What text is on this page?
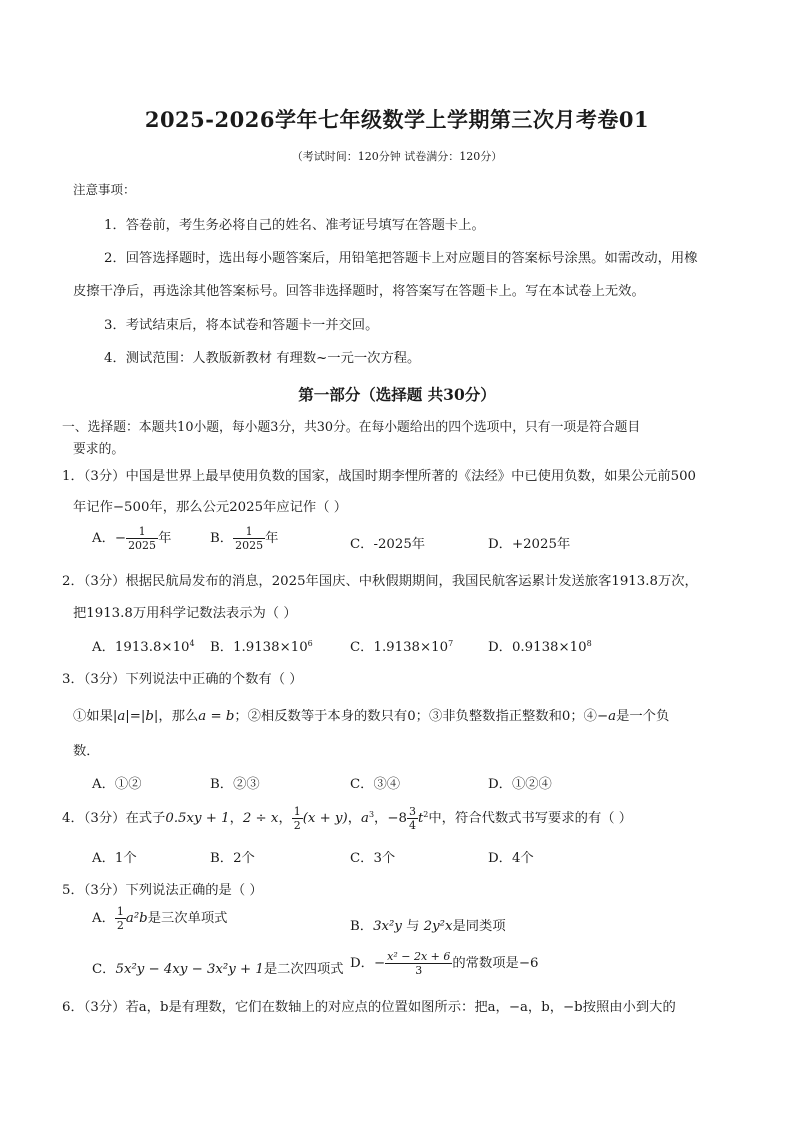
2025-2026学年七年级数学上学期第三次月考卷01
（考试时间：120分钟 试卷满分：120分）
注意事项：
1．答卷前，考生务必将自己的姓名、准考证号填写在答题卡上。
2．回答选择题时，选出每小题答案后，用铅笔把答题卡上对应题目的答案标号涂黑。如需改动，用橡
皮擦干净后，再选涂其他答案标号。回答非选择题时，将答案写在答题卡上。写在本试卷上无效。
3．考试结束后，将本试卷和答题卡一并交回。
4．测试范围：人教版新教材 有理数~一元一次方程。
第一部分（选择题 共30分）
一、选择题：本题共10小题，每小题3分，共30分。在每小题给出的四个选项中，只有一项是符合题目
要求的。
1．（3分）中国是世界上最早使用负数的国家，战国时期李悝所著的《法经》中已使用负数，如果公元前500
年记作−500年，那么公元2025年应记作（ ）
A．− $\frac{1}{2025}$ 年	B． $\frac{1}{2025}$ 年	C．-2025年	D．+2025年
2．（3分）根据民航局发布的消息，2025年国庆、中秋假期期间，我国民航客运累计发送旅客1913.8万次，
把1913.8万用科学记数法表示为（ ）
A．$1913.8\times 10^4$ B．$1.9138\times 10^6$	C．$1.9138\times 10^7$	D．$0.9138\times 10^8$
3．（3分）下列说法中正确的个数有（ ）
①如果|a|=|b|，那么a = b；②相反数等于本身的数只有0；③非负整数指正整数和0；④−a是一个负
数．
A．①②	B．②③	C．③④	D．①②④
4．（3分）在式子0.5xy + 1，2 ÷ x， $\frac{1}{2} (x + y)$，$a^3$，$-8 \frac{3}{4} t^2$中，符合代数式书写要求的有（ ）
A．1个	B．2个	C．3个	D．4个
5．（3分）下列说法正确的是（ ）
A． $\frac{1}{2} a^2b$是三次单项式
B．3x²y 与 2y²x是同类项
C．5x²y − 4xy − 3x²y + 1是二次四项式 D．− $\frac{\text{x² − 2x + 6}}{3}$ 的常数项是−6
6．（3分）若a，b是有理数，它们在数轴上的对应点的位置如图所示：把a，−a，b，−b按照由小到大的
